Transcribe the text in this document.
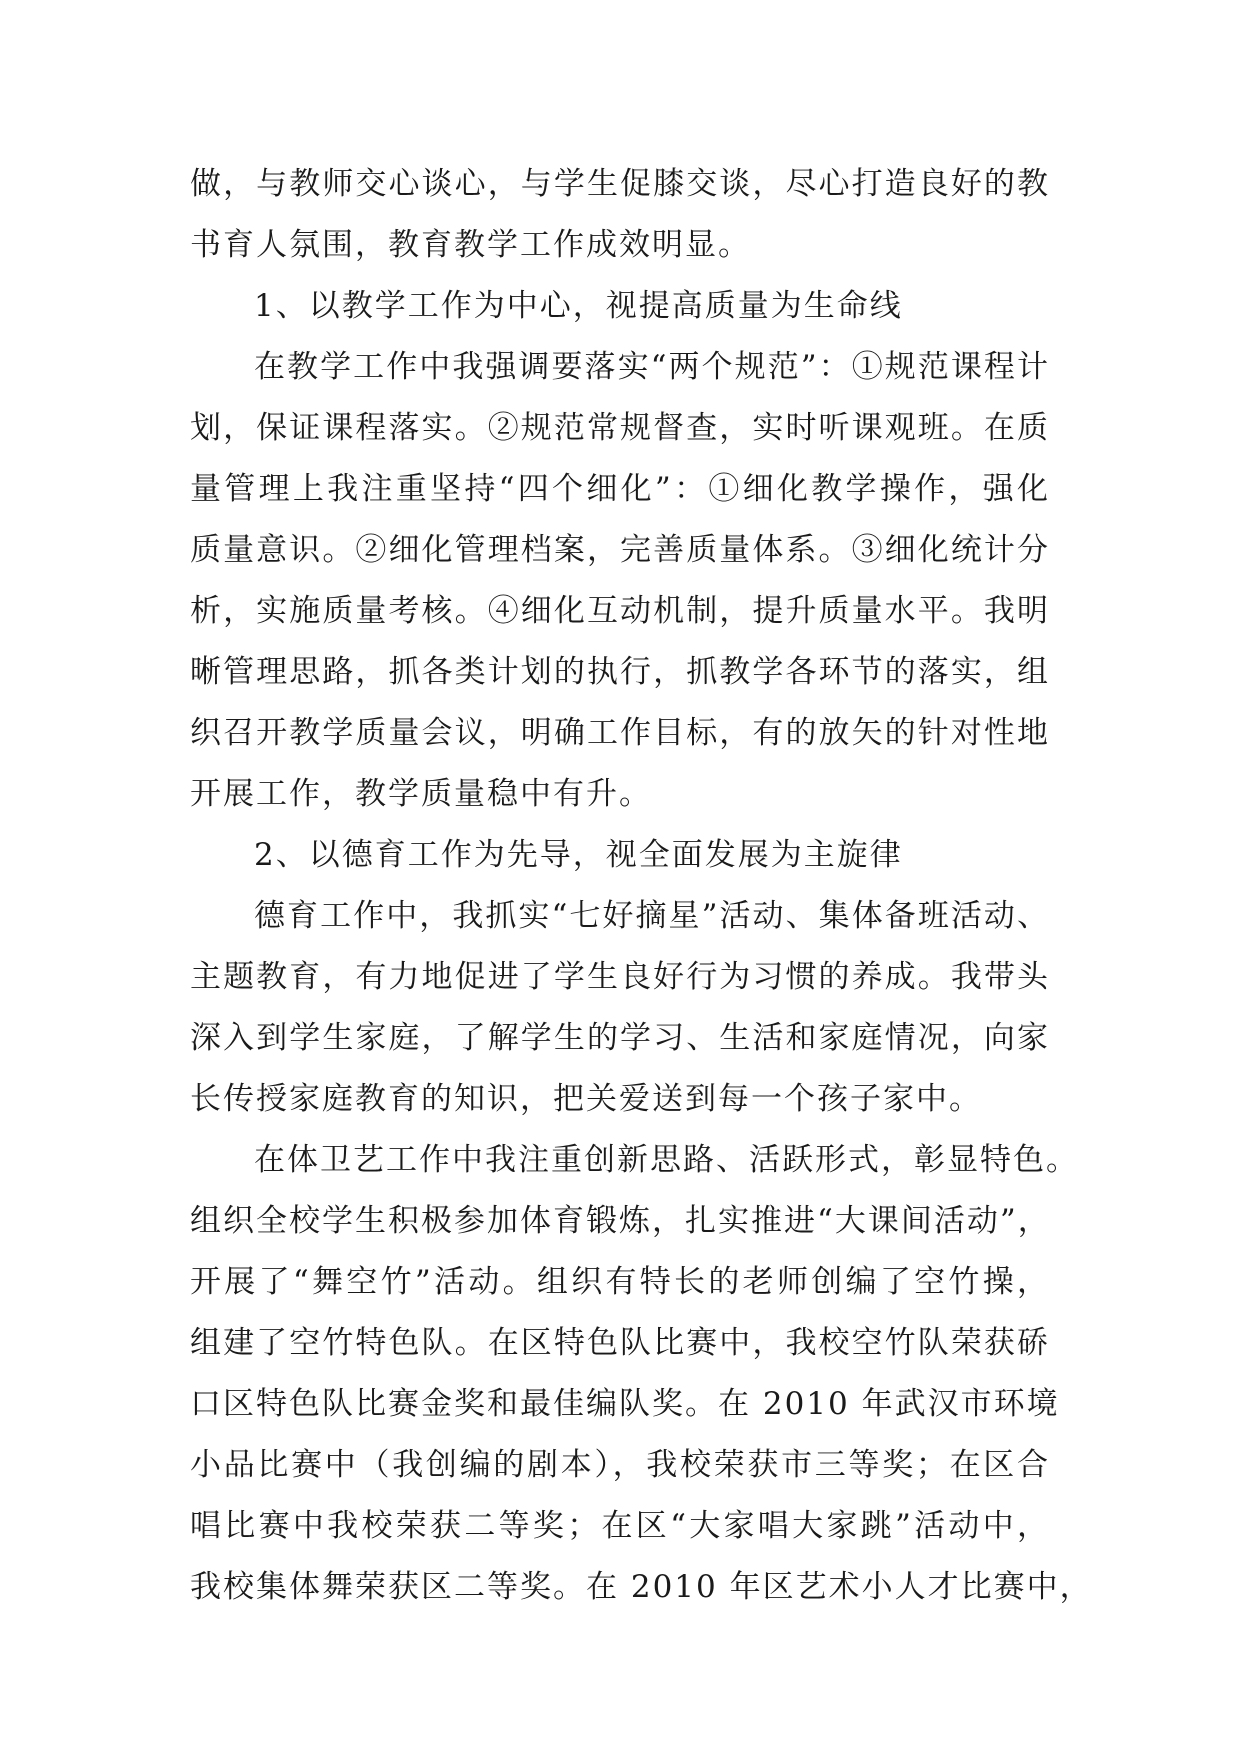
做，与教师交心谈心，与学生促膝交谈，尽心打造良好的教
书育人氛围，教育教学工作成效明显。
1、以教学工作为中心，视提高质量为生命线
在教学工作中我强调要落实“两个规范”：①规范课程计
划，保证课程落实。②规范常规督查，实时听课观班。在质
量管理上我注重坚持“四个细化”：①细化教学操作，强化
质量意识。②细化管理档案，完善质量体系。③细化统计分
析，实施质量考核。④细化互动机制，提升质量水平。我明
晰管理思路，抓各类计划的执行，抓教学各环节的落实，组
织召开教学质量会议，明确工作目标，有的放矢的针对性地
开展工作，教学质量稳中有升。
2、以德育工作为先导，视全面发展为主旋律
德育工作中，我抓实“七好摘星”活动、集体备班活动、
主题教育，有力地促进了学生良好行为习惯的养成。我带头
深入到学生家庭，了解学生的学习、生活和家庭情况，向家
长传授家庭教育的知识，把关爱送到每一个孩子家中。
在体卫艺工作中我注重创新思路、活跃形式，彰显特色。
组织全校学生积极参加体育锻炼，扎实推进“大课间活动”，
开展了“舞空竹”活动。组织有特长的老师创编了空竹操，
组建了空竹特色队。在区特色队比赛中，我校空竹队荣获硚
口区特色队比赛金奖和最佳编队奖。在 2010 年武汉市环境
小品比赛中（我创编的剧本），我校荣获市三等奖；在区合
唱比赛中我校荣获二等奖；在区“大家唱大家跳”活动中，
我校集体舞荣获区二等奖。在 2010 年区艺术小人才比赛中，
